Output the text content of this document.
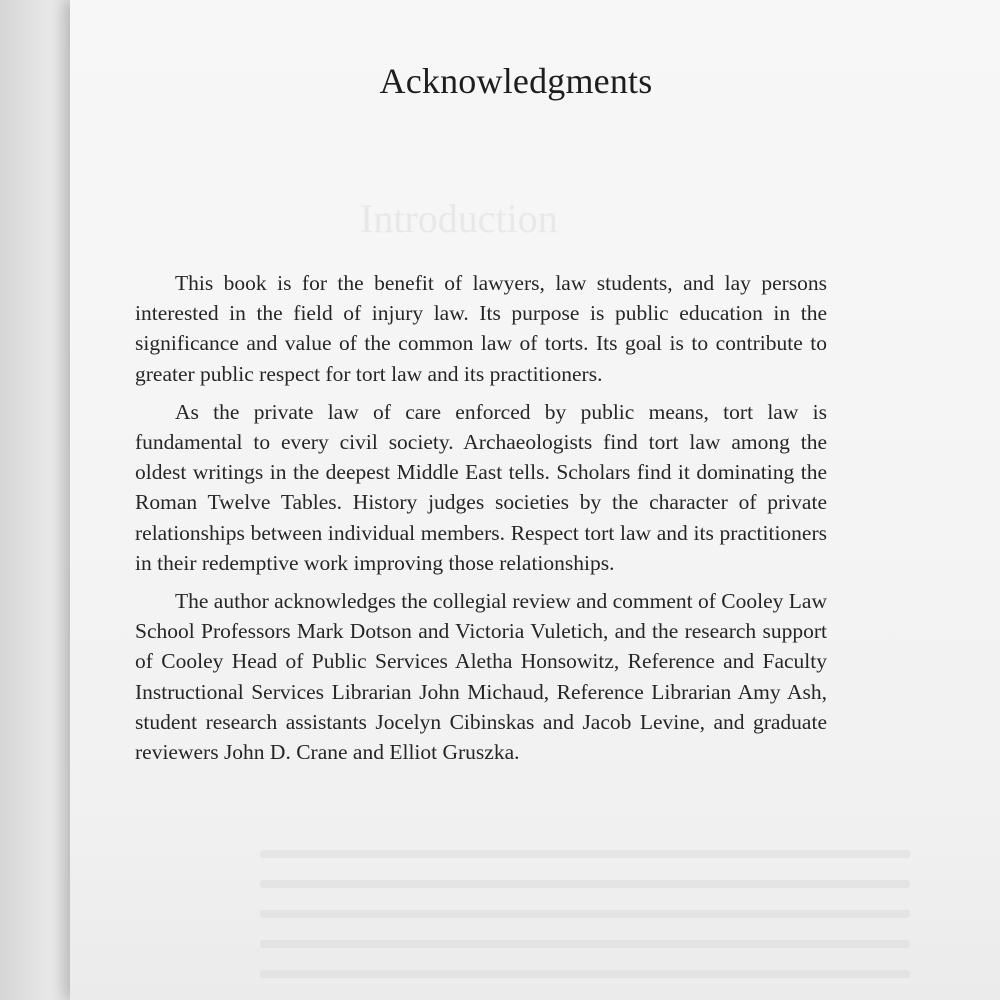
Introduction
Acknowledgments

This book is for the benefit of lawyers, law students, and lay persons interested in the field of injury law. Its purpose is public education in the significance and value of the common law of torts. Its goal is to contribute to greater public respect for tort law and its practitioners.

As the private law of care enforced by public means, tort law is fundamental to every civil society. Archaeologists find tort law among the oldest writings in the deepest Middle East tells. Scholars find it dominating the Roman Twelve Tables. History judges societies by the character of private relationships between individual members. Respect tort law and its practitioners in their redemptive work improving those relationships.

The author acknowledges the collegial review and comment of Cooley Law School Professors Mark Dotson and Victoria Vuletich, and the research support of Cooley Head of Public Services Aletha Honsowitz, Reference and Faculty Instructional Services Librarian John Michaud, Reference Librarian Amy Ash, student research assistants Jocelyn Cibinskas and Jacob Levine, and graduate reviewers John D. Crane and Elliot Gruszka.
